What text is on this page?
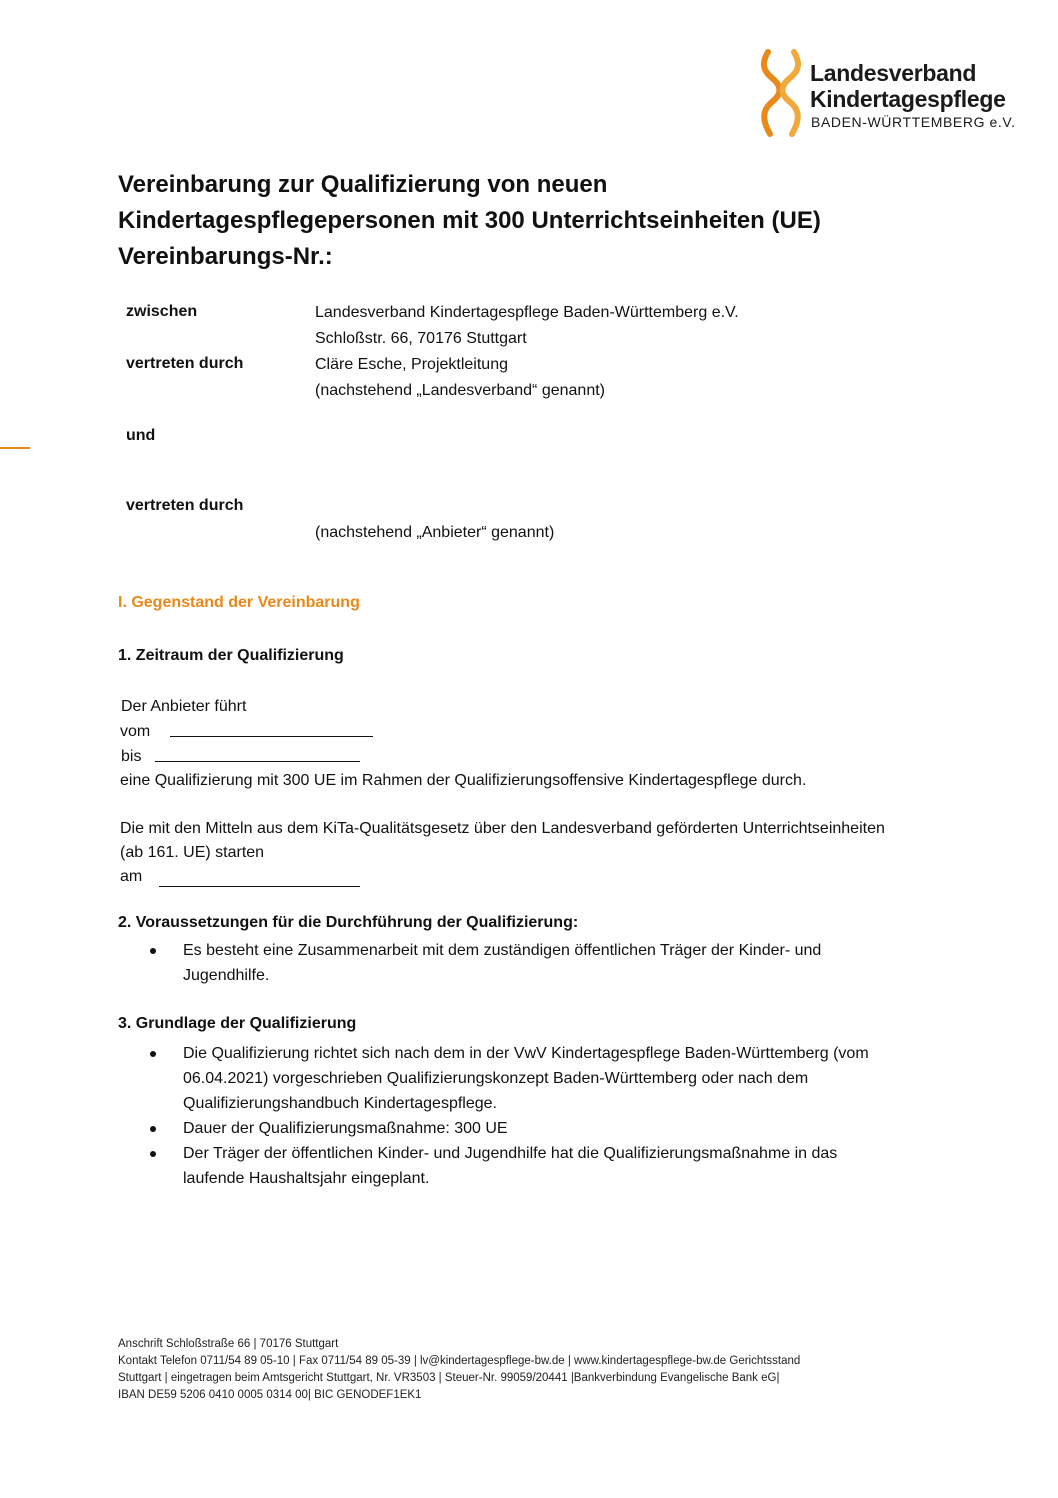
Landesverband
Kindertagespflege
BADEN-WÜRTTEMBERG e.V.
Vereinbarung zur Qualifizierung von neuen
Kindertagespflegepersonen mit 300 Unterrichtseinheiten (UE)
Vereinbarungs-Nr.:
zwischen	Landesverband Kindertagespflege Baden-Württemberg e.V.
Schloßstr. 66, 70176 Stuttgart
vertreten durch	Cläre Esche, Projektleitung
(nachstehend „Landesverband“ genannt)
und
vertreten durch
(nachstehend „Anbieter“ genannt)
I. Gegenstand der Vereinbarung
1. Zeitraum der Qualifizierung
Der Anbieter führt
vom
bis
eine Qualifizierung mit 300 UE im Rahmen der Qualifizierungsoffensive Kindertagespflege durch.
Die mit den Mitteln aus dem KiTa-Qualitätsgesetz über den Landesverband geförderten Unterrichtseinheiten
(ab 161. UE) starten
am
2. Voraussetzungen für die Durchführung der Qualifizierung:
Es besteht eine Zusammenarbeit mit dem zuständigen öffentlichen Träger der Kinder- und
Jugendhilfe.
3. Grundlage der Qualifizierung
Die Qualifizierung richtet sich nach dem in der VwV Kindertagespflege Baden-Württemberg (vom
06.04.2021) vorgeschrieben Qualifizierungskonzept Baden-Württemberg oder nach dem
Qualifizierungshandbuch Kindertagespflege.
Dauer der Qualifizierungsmaßnahme: 300 UE
Der Träger der öffentlichen Kinder- und Jugendhilfe hat die Qualifizierungsmaßnahme in das
laufende Haushaltsjahr eingeplant.
Anschrift Schloßstraße 66 | 70176 Stuttgart
Kontakt Telefon 0711/54 89 05-10 | Fax 0711/54 89 05-39 | lv@kindertagespflege-bw.de | www.kindertagespflege-bw.de Gerichtsstand
Stuttgart | eingetragen beim Amtsgericht Stuttgart, Nr. VR3503 | Steuer-Nr. 99059/20441 |Bankverbindung Evangelische Bank eG|
IBAN DE59 5206 0410 0005 0314 00| BIC GENODEF1EK1
